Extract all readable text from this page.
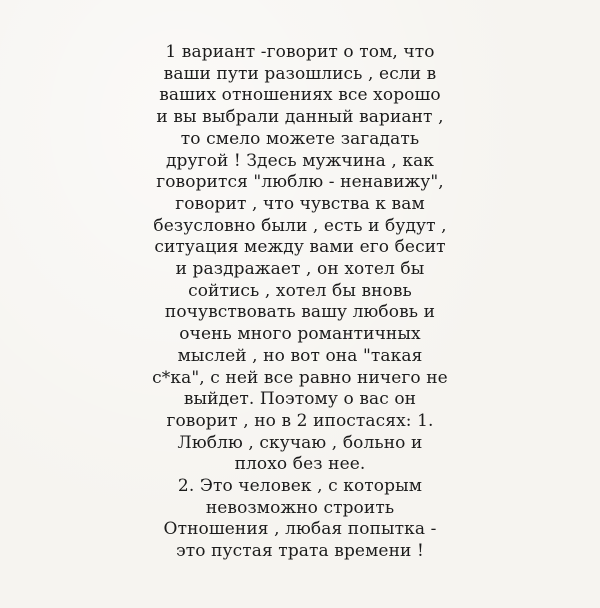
1 вариант -говорит о том, что
ваши пути разошлись , если в
ваших отношениях все хорошо
и вы выбрали данный вариант ,
то смело можете загадать
другой ! Здесь мужчина , как
говорится "люблю - ненавижу",
говорит , что чувства к вам
безусловно были , есть и будут ,
ситуация между вами его бесит
и раздражает , он хотел бы
сойтись , хотел бы вновь
почувствовать вашу любовь и
очень много романтичных
мыслей , но вот она "такая
с*ка", с ней все равно ничего не
выйдет. Поэтому о вас он
говорит , но в 2 ипостасях: 1.
Люблю , скучаю , больно и
плохо без нее.
2. Это человек , с которым
невозможно строить
Отношения , любая попытка -
это пустая трата времени !
